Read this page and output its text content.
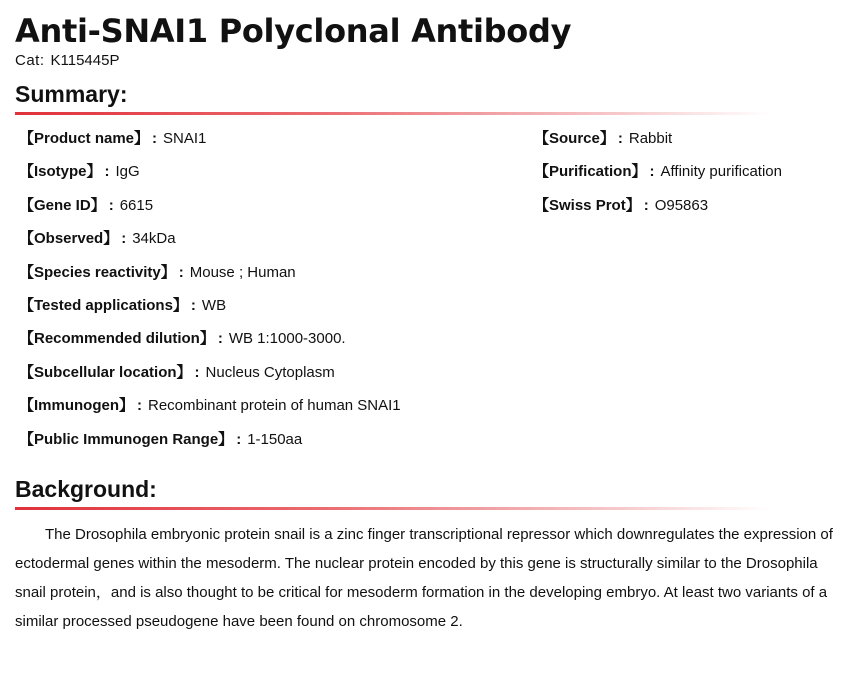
Anti-SNAI1 Polyclonal Antibody
Cat: K115445P
Summary:
【Product name】 : SNAI1
【Isotype】 : IgG
【Gene ID】 : 6615
【Observed】 : 34kDa
【Species reactivity】 : Mouse ; Human
【Tested applications】 : WB
【Recommended dilution】 : WB 1:1000-3000.
【Subcellular location】 : Nucleus Cytoplasm
【Immunogen】 : Recombinant protein of human SNAI1
【Public Immunogen Range】 : 1-150aa
【Source】 : Rabbit
【Purification】 : Affinity purification
【Swiss Prot】 : O95863
Background:

The Drosophila embryonic protein snail is a zinc finger transcriptional repressor which downregulates the expression of ectodermal genes within the mesoderm. The nuclear protein encoded by this gene is structurally similar to the Drosophila snail protein，and is also thought to be critical for mesoderm formation in the developing embryo. At least two variants of a similar processed pseudogene have been found on chromosome 2.
